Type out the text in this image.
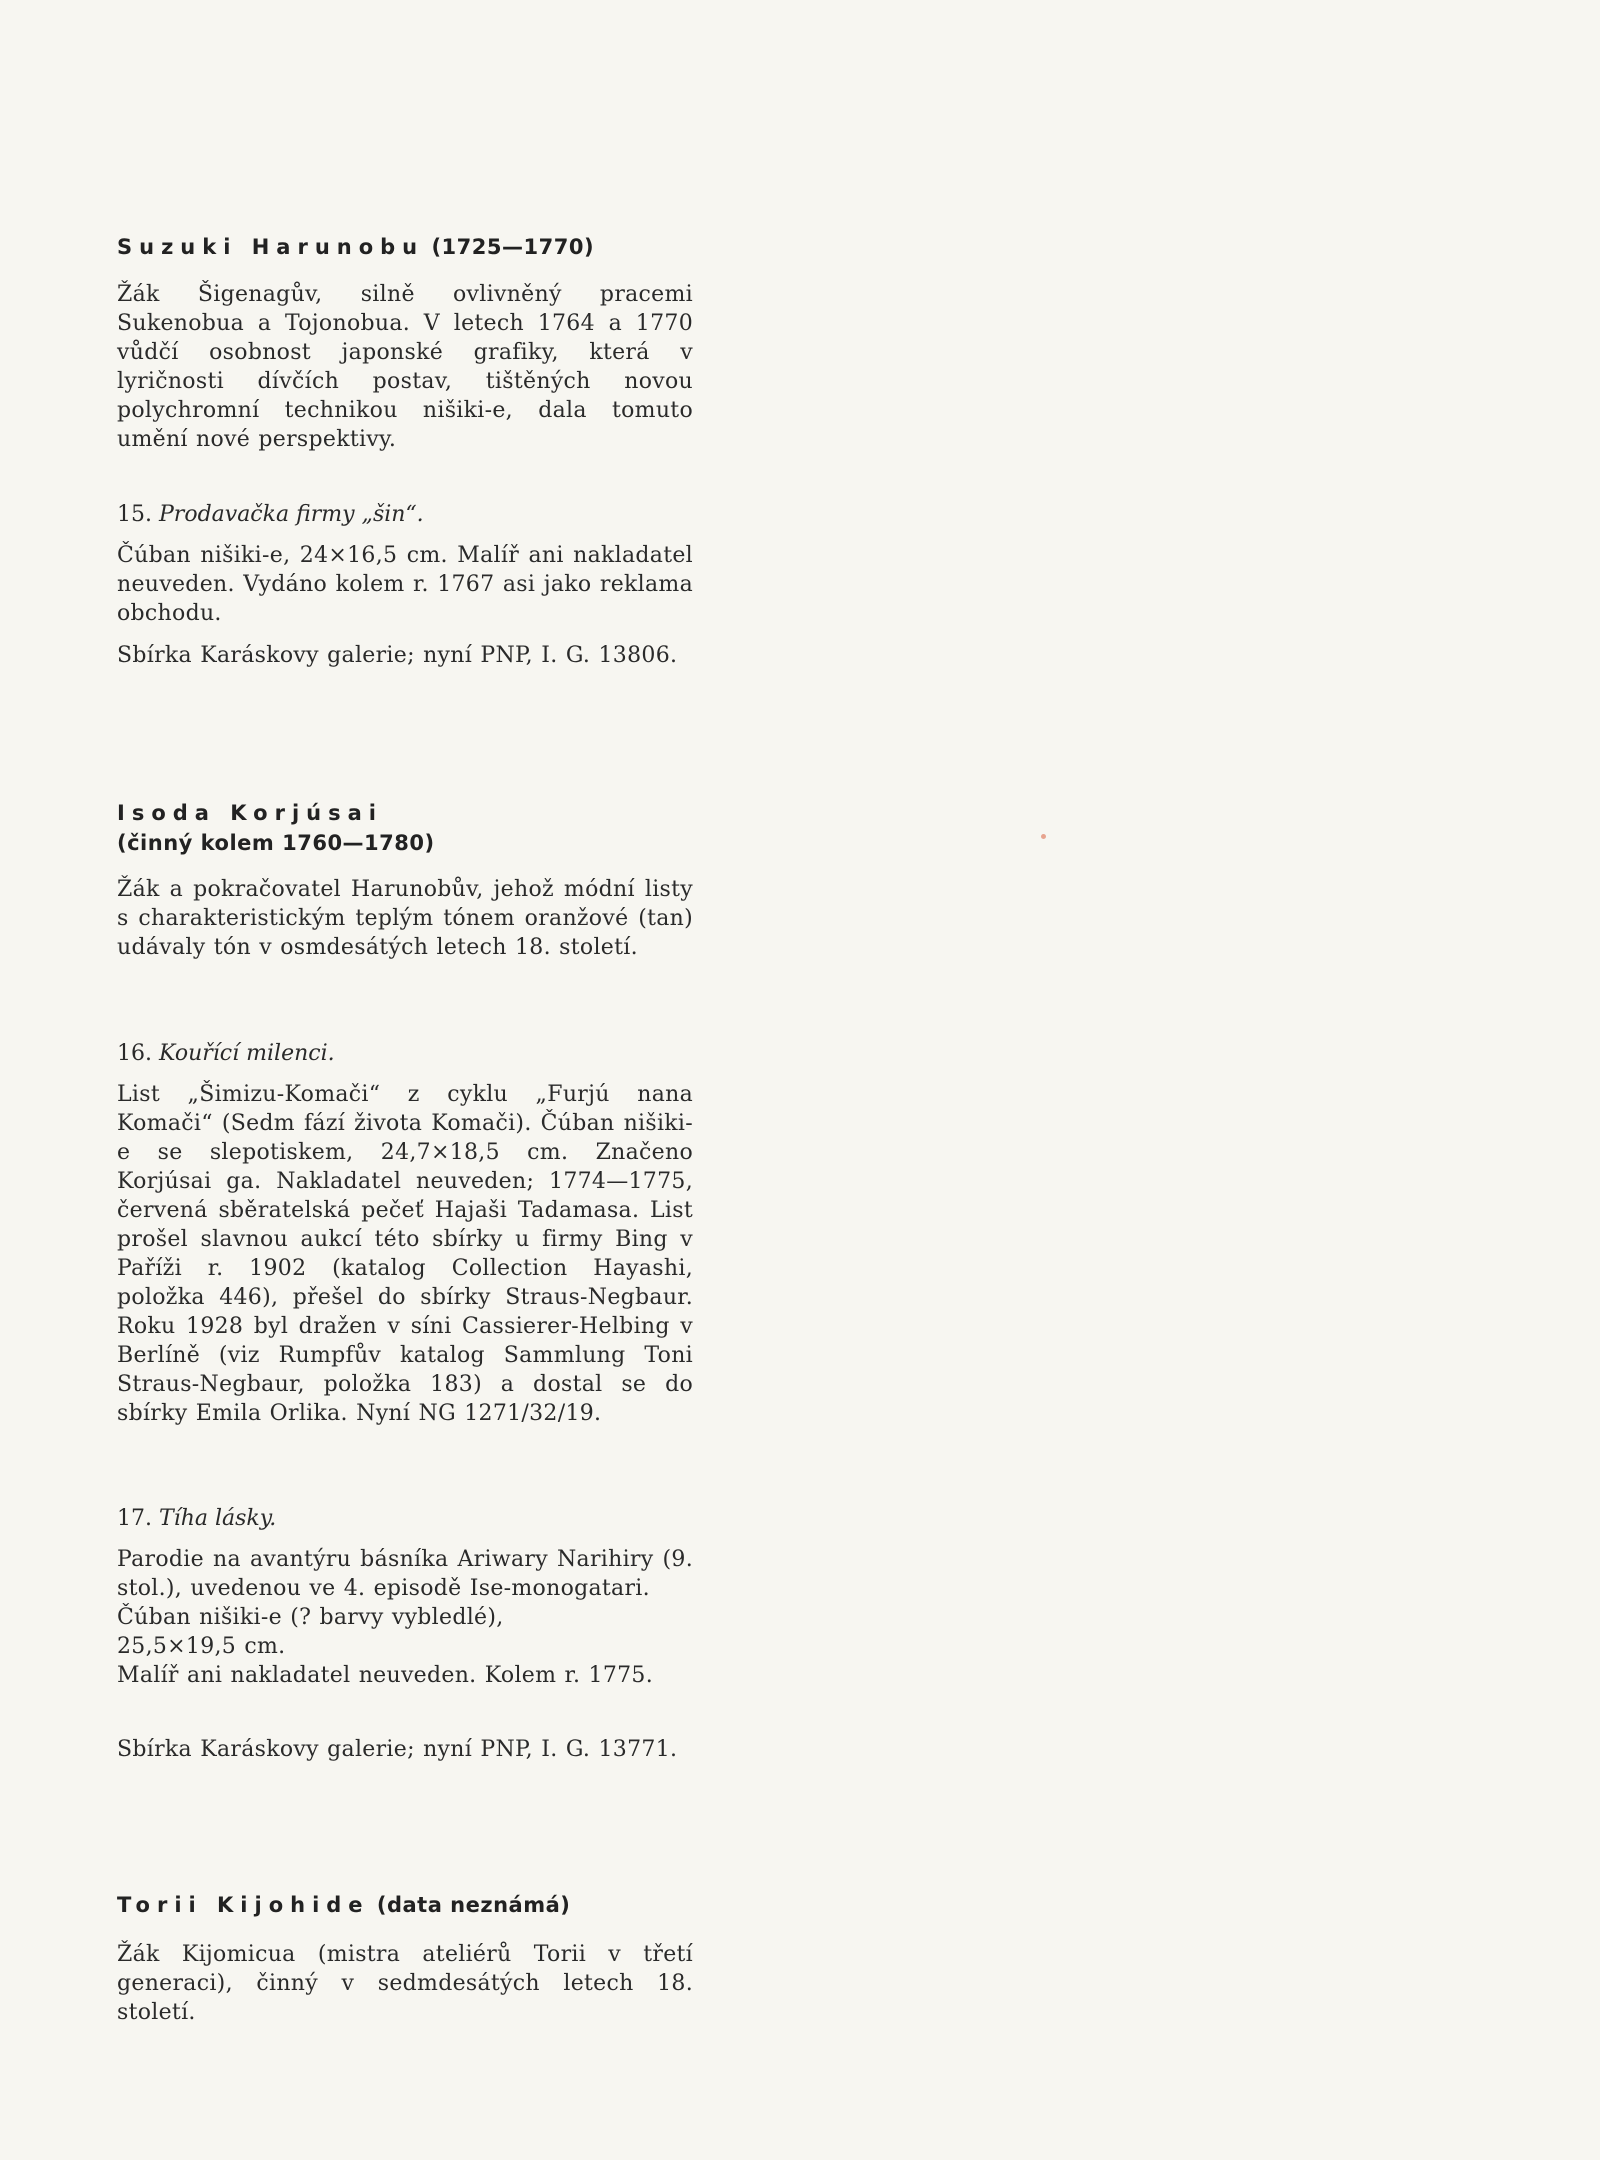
Suzuki Harunobu (1725—1770)

Žák Šigenagův, silně ovlivněný pracemi Sukenobua a Tojonobua. V letech 1764 a 1770 vůdčí osobnost japonské grafiky, která v lyričnosti dívčích postav, tištěných novou polychromní technikou nišiki-e, dala tomuto umění nové perspektivy.

15. Prodavačka firmy „šin“.

Čúban nišiki-e, 24×16,5 cm. Malíř ani nakladatel neuveden. Vydáno kolem r. 1767 asi jako reklama obchodu.

Sbírka Karáskovy galerie; nyní PNP, I. G. 13806.

Isoda Korjúsai
(činný kolem 1760—1780)

Žák a pokračovatel Harunobův, jehož módní listy s charakteristickým teplým tónem oranžové (tan) udávaly tón v osmdesátých letech 18. století.

16. Kouřící milenci.

List „Šimizu-Komači“ z cyklu „Furjú nana Komači“ (Sedm fází života Komači). Čúban nišiki-e se slepotiskem, 24,7×18,5 cm. Značeno Korjúsai ga. Nakladatel neuveden; 1774—1775, červená sběratelská pečeť Hajaši Tadamasa. List prošel slavnou aukcí této sbírky u firmy Bing v Paříži r. 1902 (katalog Collection Hayashi, položka 446), přešel do sbírky Straus-Negbaur. Roku 1928 byl dražen v síni Cassierer-Helbing v Berlíně (viz Rumpfův katalog Sammlung Toni Straus-Negbaur, položka 183) a dostal se do sbírky Emila Orlika. Nyní NG 1271/32/19.

17. Tíha lásky.

Parodie na avantýru básníka Ariwary Narihiry (9. stol.), uvedenou ve 4. episodě Ise-monogatari.

Čúban nišiki-e (? barvy vybledlé),

25,5×19,5 cm.

Malíř ani nakladatel neuveden. Kolem r. 1775.

Sbírka Karáskovy galerie; nyní PNP, I. G. 13771.

Torii Kijohide (data neznámá)

Žák Kijomicua (mistra ateliérů Torii v třetí generaci), činný v sedmdesátých letech 18. století.
